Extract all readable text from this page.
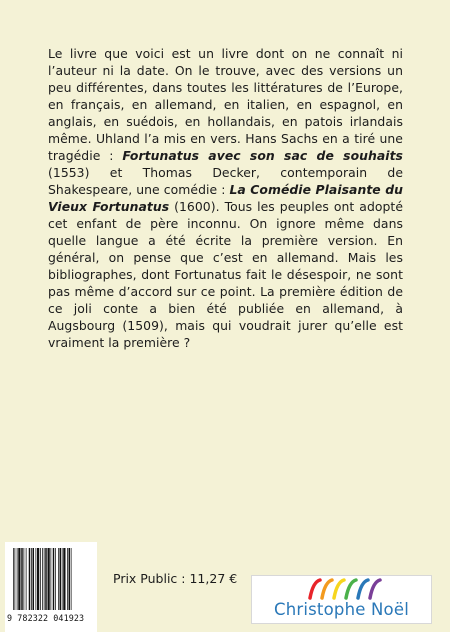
Le livre que voici est un livre dont on ne connaît ni l’auteur ni la date. On le trouve, avec des versions un peu différentes, dans toutes les littératures de l’Europe, en français, en allemand, en italien, en espagnol, en anglais, en suédois, en hollandais, en patois irlandais même. Uhland l’a mis en vers. Hans Sachs en a tiré une tragédie : Fortunatus avec son sac de souhaits (1553) et Thomas Decker, contemporain de Shakespeare, une comédie : La Comédie Plaisante du Vieux Fortunatus (1600). Tous les peuples ont adopté cet enfant de père inconnu. On ignore même dans quelle langue a été écrite la première version. En général, on pense que c’est en allemand. Mais les bibliographes, dont Fortunatus fait le désespoir, ne sont pas même d’accord sur ce point. La première édition de ce joli conte a bien été publiée en allemand, à Augsbourg (1509), mais qui voudrait jurer qu’elle est vraiment la première ?

9 782322 041923
Prix Public : 11,27 €
Christophe Noël
